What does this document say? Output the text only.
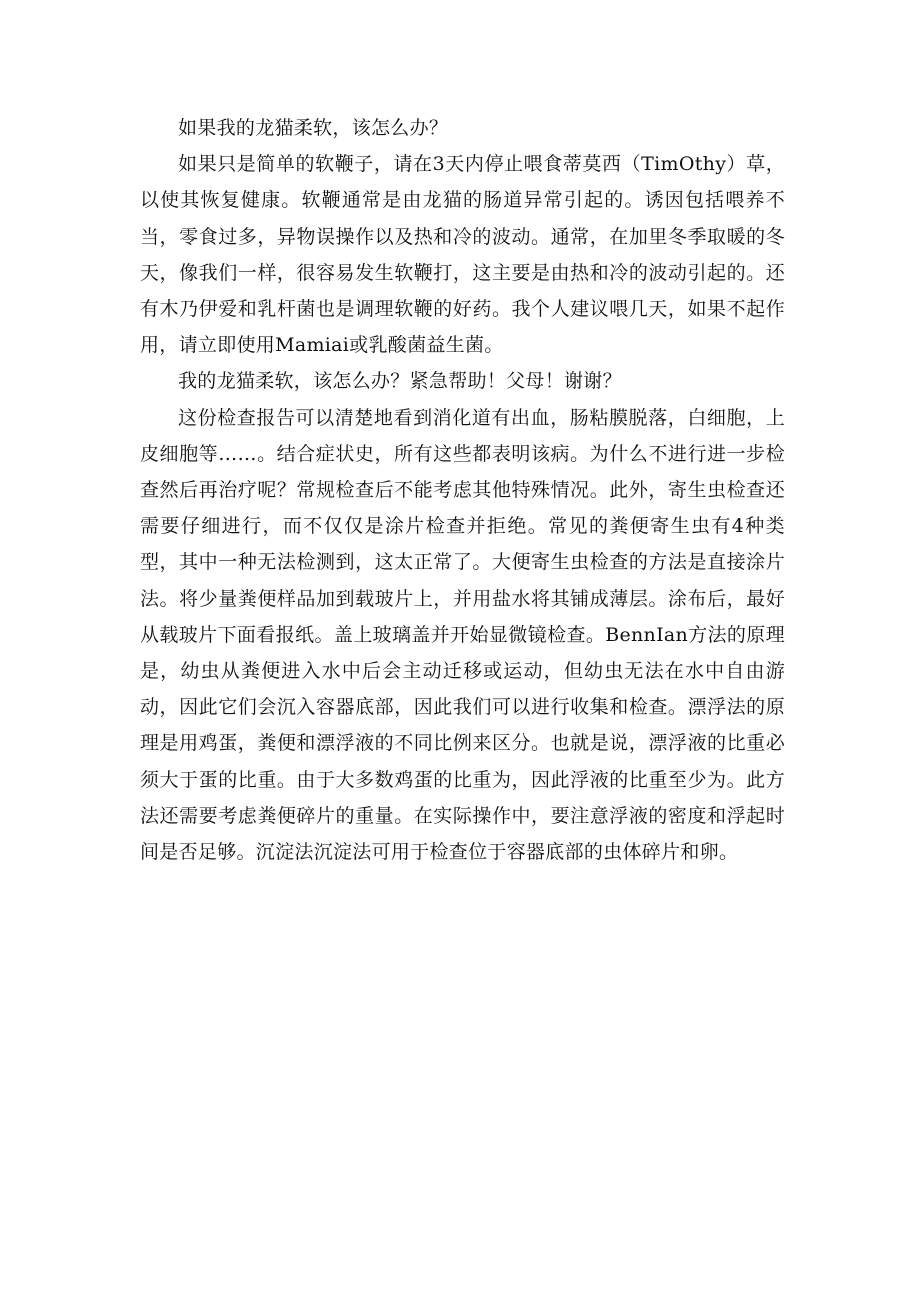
如果我的龙猫柔软，该怎么办？

如果只是简单的软鞭子，请在3天内停止喂食蒂莫西（TimOthy）草，以使其恢复健康。软鞭通常是由龙猫的肠道异常引起的。诱因包括喂养不当，零食过多，异物误操作以及热和冷的波动。通常，在加里冬季取暖的冬天，像我们一样，很容易发生软鞭打，这主要是由热和冷的波动引起的。还有木乃伊爱和乳杆菌也是调理软鞭的好药。我个人建议喂几天，如果不起作用，请立即使用Mamiai或乳酸菌益生菌。

我的龙猫柔软，该怎么办？紧急帮助！父母！谢谢？

这份检查报告可以清楚地看到消化道有出血，肠粘膜脱落，白细胞，上皮细胞等……。结合症状史，所有这些都表明该病。为什么不进行进一步检查然后再治疗呢？常规检查后不能考虑其他特殊情况。此外，寄生虫检查还需要仔细进行，而不仅仅是涂片检查并拒绝。常见的粪便寄生虫有4种类型，其中一种无法检测到，这太正常了。大便寄生虫检查的方法是直接涂片法。将少量粪便样品加到载玻片上，并用盐水将其铺成薄层。涂布后，最好从载玻片下面看报纸。盖上玻璃盖并开始显微镜检查。BennIan方法的原理是，幼虫从粪便进入水中后会主动迁移或运动，但幼虫无法在水中自由游动，因此它们会沉入容器底部，因此我们可以进行收集和检查。漂浮法的原理是用鸡蛋，粪便和漂浮液的不同比例来区分。也就是说，漂浮液的比重必须大于蛋的比重。由于大多数鸡蛋的比重为，因此浮液的比重至少为。此方法还需要考虑粪便碎片的重量。在实际操作中，要注意浮液的密度和浮起时间是否足够。沉淀法沉淀法可用于检查位于容器底部的虫体碎片和卵。
